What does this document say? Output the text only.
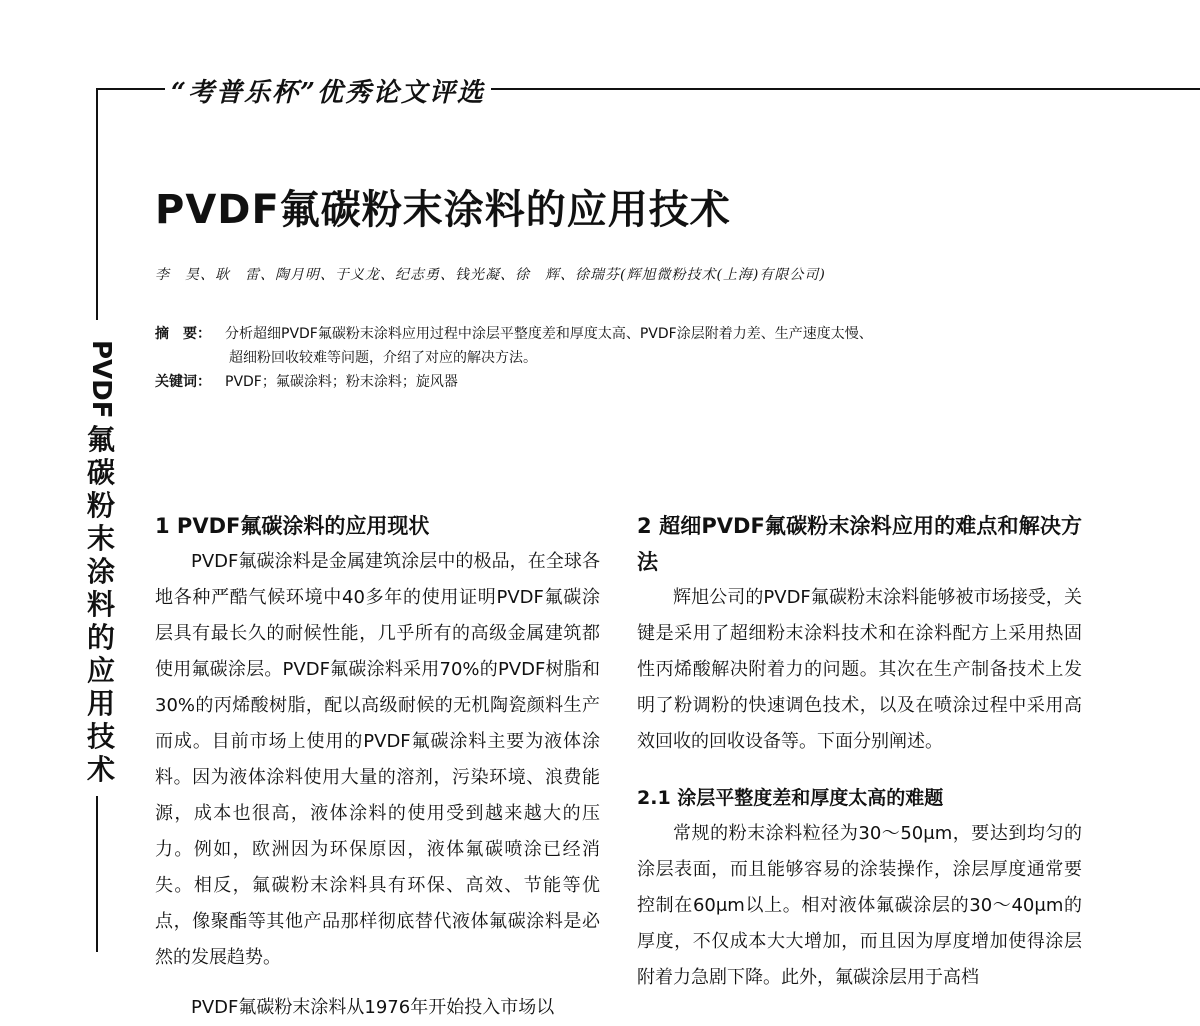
“考普乐杯”优秀论文评选
PVDF氟碳粉末涂料的应用技术
李　昊、耿　雷、陶月明、于义龙、纪志勇、钱光凝、徐　辉、徐瑞芬(辉旭微粉技术(上海)有限公司)
摘　要： 分析超细PVDF氟碳粉末涂料应用过程中涂层平整度差和厚度太高、PVDF涂层附着力差、生产速度太慢、
超细粉回收较难等问题，介绍了对应的解决方法。
关键词： PVDF；氟碳涂料；粉末涂料；旋风器
PVDF
氟
碳
粉
末
涂
料
的
应
用
技
术
1 PVDF氟碳涂料的应用现状

PVDF氟碳涂料是金属建筑涂层中的极品，在全球各地各种严酷气候环境中40多年的使用证明PVDF氟碳涂层具有最长久的耐候性能，几乎所有的高级金属建筑都使用氟碳涂层。PVDF氟碳涂料采用70%的PVDF树脂和30%的丙烯酸树脂，配以高级耐候的无机陶瓷颜料生产而成。目前市场上使用的PVDF氟碳涂料主要为液体涂料。因为液体涂料使用大量的溶剂，污染环境、浪费能源，成本也很高，液体涂料的使用受到越来越大的压力。例如，欧洲因为环保原因，液体氟碳喷涂已经消失。相反，氟碳粉末涂料具有环保、高效、节能等优点，像聚酯等其他产品那样彻底替代液体氟碳涂料是必然的发展趋势。

PVDF氟碳粉末涂料从1976年开始投入市场以

2 超细PVDF氟碳粉末涂料应用的难点和解决方法

辉旭公司的PVDF氟碳粉末涂料能够被市场接受，关键是采用了超细粉末涂料技术和在涂料配方上采用热固性丙烯酸解决附着力的问题。其次在生产制备技术上发明了粉调粉的快速调色技术，以及在喷涂过程中采用高效回收的回收设备等。下面分别阐述。

2.1 涂层平整度差和厚度太高的难题

常规的粉末涂料粒径为30～50μm，要达到均匀的涂层表面，而且能够容易的涂装操作，涂层厚度通常要控制在60μm以上。相对液体氟碳涂层的30～40μm的厚度，不仅成本大大增加，而且因为厚度增加使得涂层附着力急剧下降。此外，氟碳涂层用于高档
